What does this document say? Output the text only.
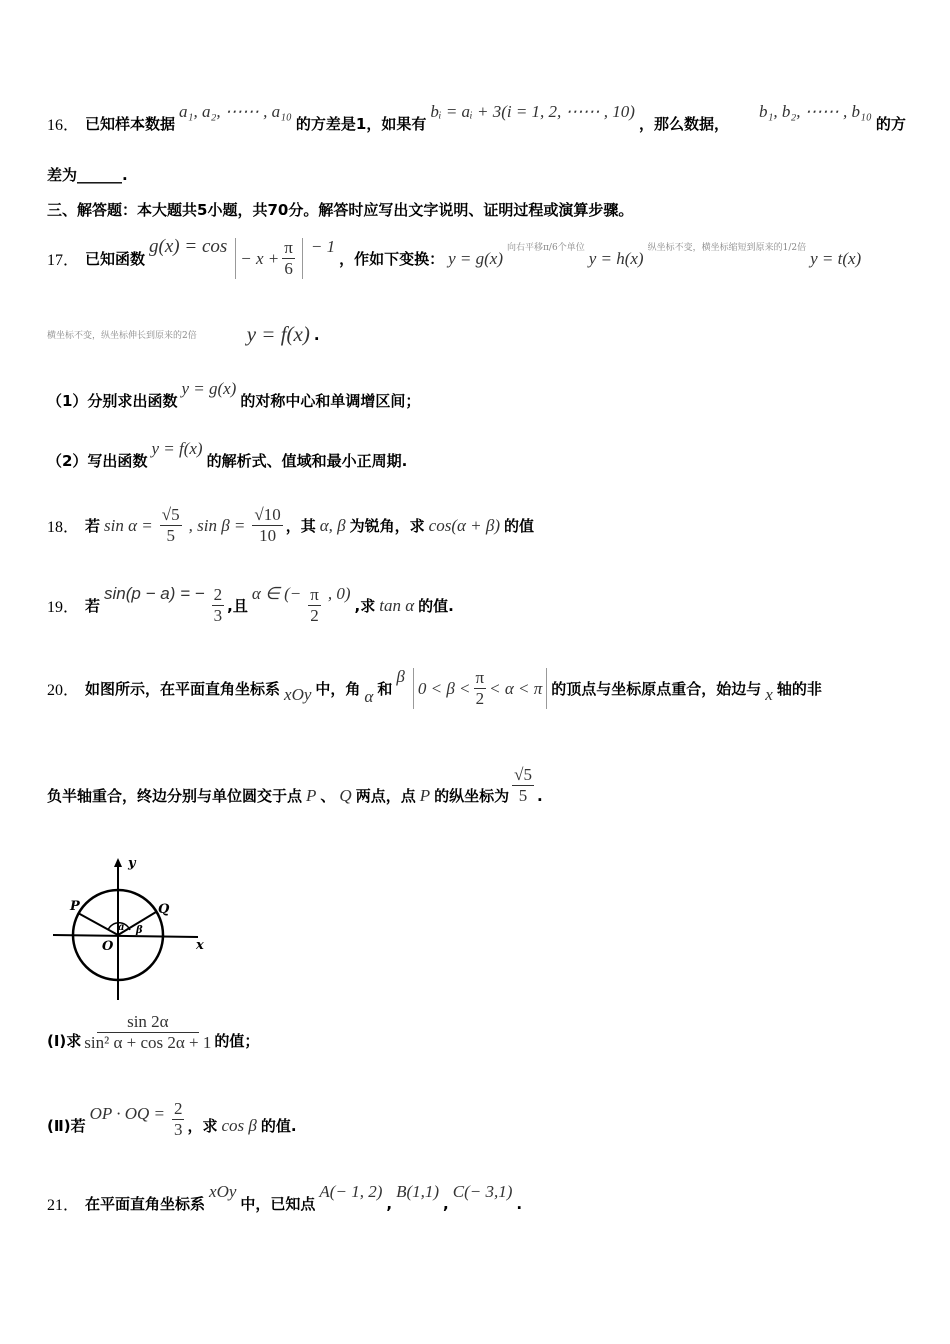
16． 已知样本数据
a₁, a₂, ⋯⋯ , a₁₀
的方差是1，如果有
bᵢ = aᵢ + 3(i = 1, 2, ⋯⋯ , 10)
，那么数据，
b₁, b₂, ⋯⋯ , b₁₀
的方
差为______.
三、解答题：本大题共5小题，共70分。解答时应写出文字说明、证明过程或演算步骤。
17． 已知函数
g(x) = cos
− $x + \frac{\pi}{6} - 1$
，作如下变换： y = g(x)
向右平移π/6个单位
y = h(x)
纵坐标不变，横坐标缩短到原来的1/2倍
y = t(x)
横坐标不变，纵坐标伸长到原来的2倍 y = f(x) .
（1）分别求出函数
y = g(x)
的对称中心和单调增区间；
（2）写出函数
y = f(x)
的解析式、值域和最小正周期.
18． 若 $\sin \alpha = \frac{√5}{5}$ , $\sin \beta = \frac{√10}{10}$ ，其 α, β 为锐角，求 cos(α + β) 的值
19． 若
sin(p − a) = − $\frac{2}{3}$ ,且
α ∈ (− $\frac{\pi}{2}$ , 0)
,求 tan α 的值.
20． 如图所示，在平面直角坐标系 xOy 中，角 α 和
β
$0 < \beta < \frac{\pi}{2} < \alpha < \pi$ 的顶点与坐标原点重合，始边与 x 轴的非
负半轴重合，终边分别与单位圆交于点 P 、 Q 两点，点 P 的纵坐标为 $\frac{√5}{5}$ .
y
x
P	Q
O
a β
(Ⅰ)求 $\frac{\sin 2\alpha}{\text{sin² α + cos 2α + 1}}$ 的值；
(Ⅱ)若
OP · OQ = $\frac{2}{3}$ ，求 cos β 的值.
21． 在平面直角坐标系
xOy
中，已知点
A(− 1, 2)
,
B(1,1)
,
C(− 3,1)
.
